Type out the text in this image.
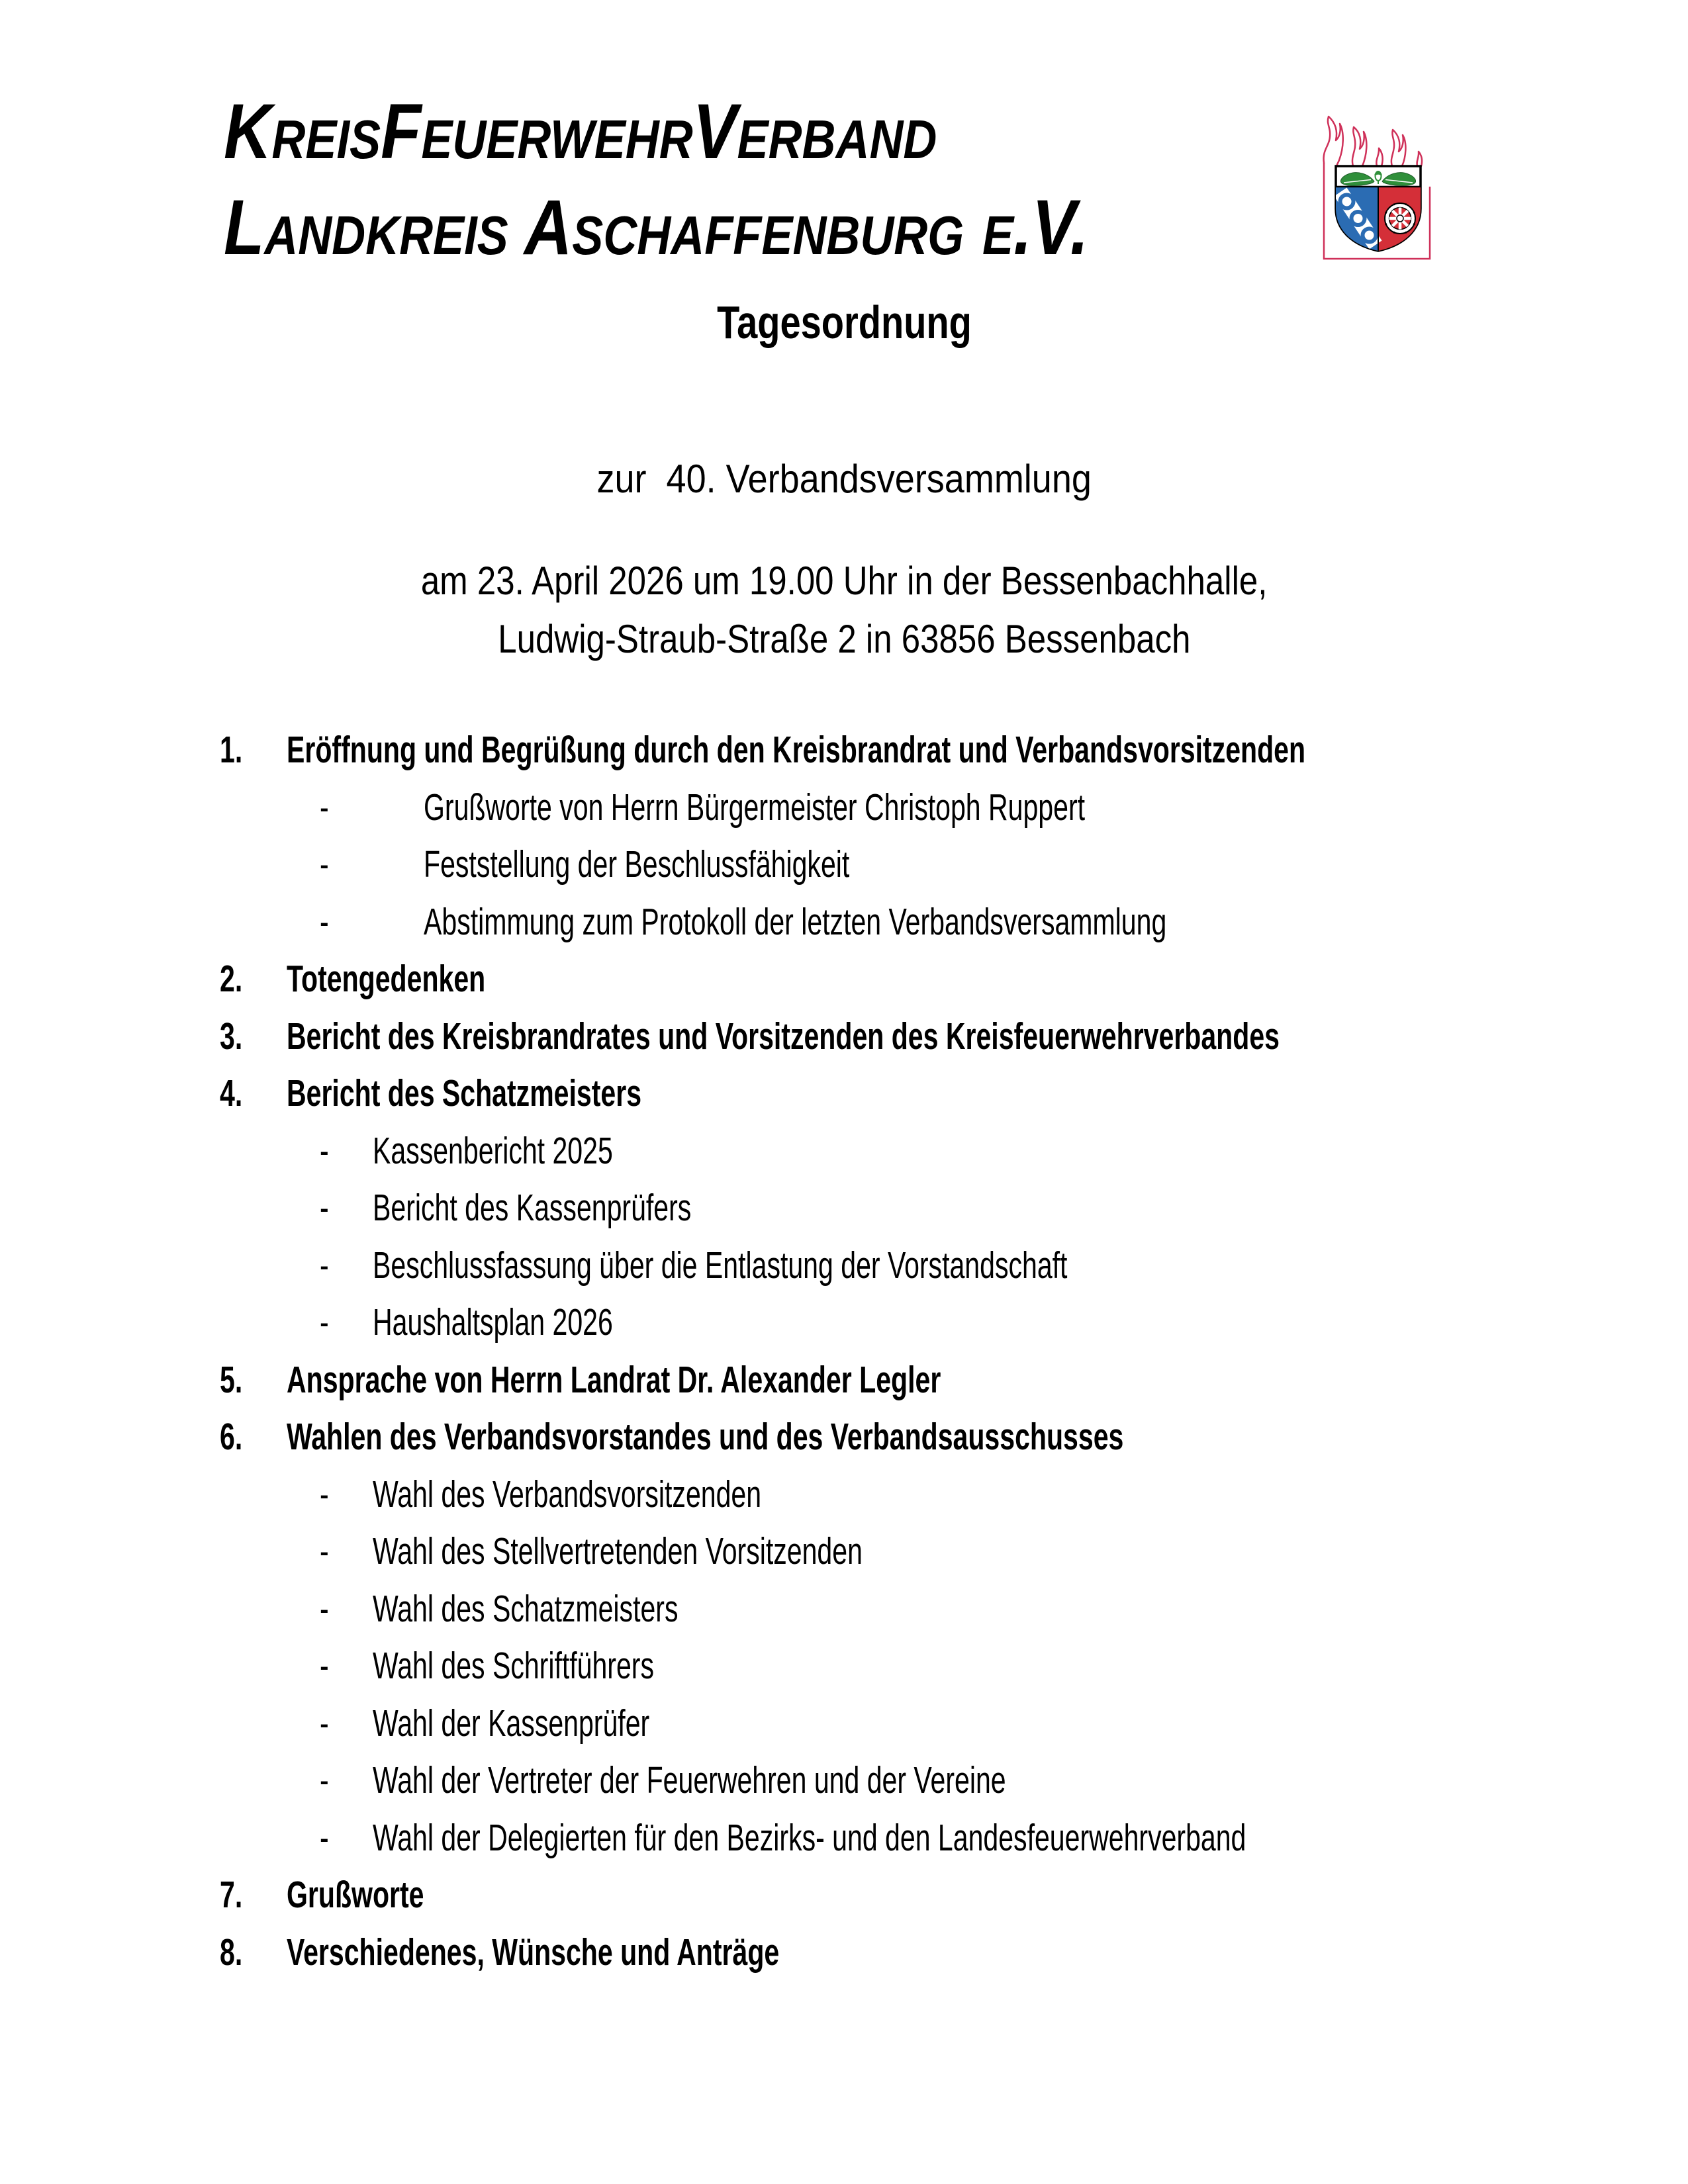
KreisFeuerwehrVerband
Landkreis Aschaffenburg e.V.
Tagesordnung
zur  40. Verbandsversammlung
am 23. April 2026 um 19.00 Uhr in der Bessenbachhalle,
Ludwig-Straub-Straße 2 in 63856 Bessenbach
1.	Eröffnung und Begrüßung durch den Kreisbrandrat und Verbandsvorsitzenden
-	Grußworte von Herrn Bürgermeister Christoph Ruppert
-	Feststellung der Beschlussfähigkeit
-	Abstimmung zum Protokoll der letzten Verbandsversammlung
2.	Totengedenken
3.	Bericht des Kreisbrandrates und Vorsitzenden des Kreisfeuerwehrverbandes
4.	Bericht des Schatzmeisters
-	Kassenbericht 2025
-	Bericht des Kassenprüfers
-	Beschlussfassung über die Entlastung der Vorstandschaft
-	Haushaltsplan 2026
5.	Ansprache von Herrn Landrat Dr. Alexander Legler
6.	Wahlen des Verbandsvorstandes und des Verbandsausschusses
-	Wahl des Verbandsvorsitzenden
-	Wahl des Stellvertretenden Vorsitzenden
-	Wahl des Schatzmeisters
-	Wahl des Schriftführers
-	Wahl der Kassenprüfer
-	Wahl der Vertreter der Feuerwehren und der Vereine
-	Wahl der Delegierten für den Bezirks- und den Landesfeuerwehrverband
7.	Grußworte
8.	Verschiedenes, Wünsche und Anträge
